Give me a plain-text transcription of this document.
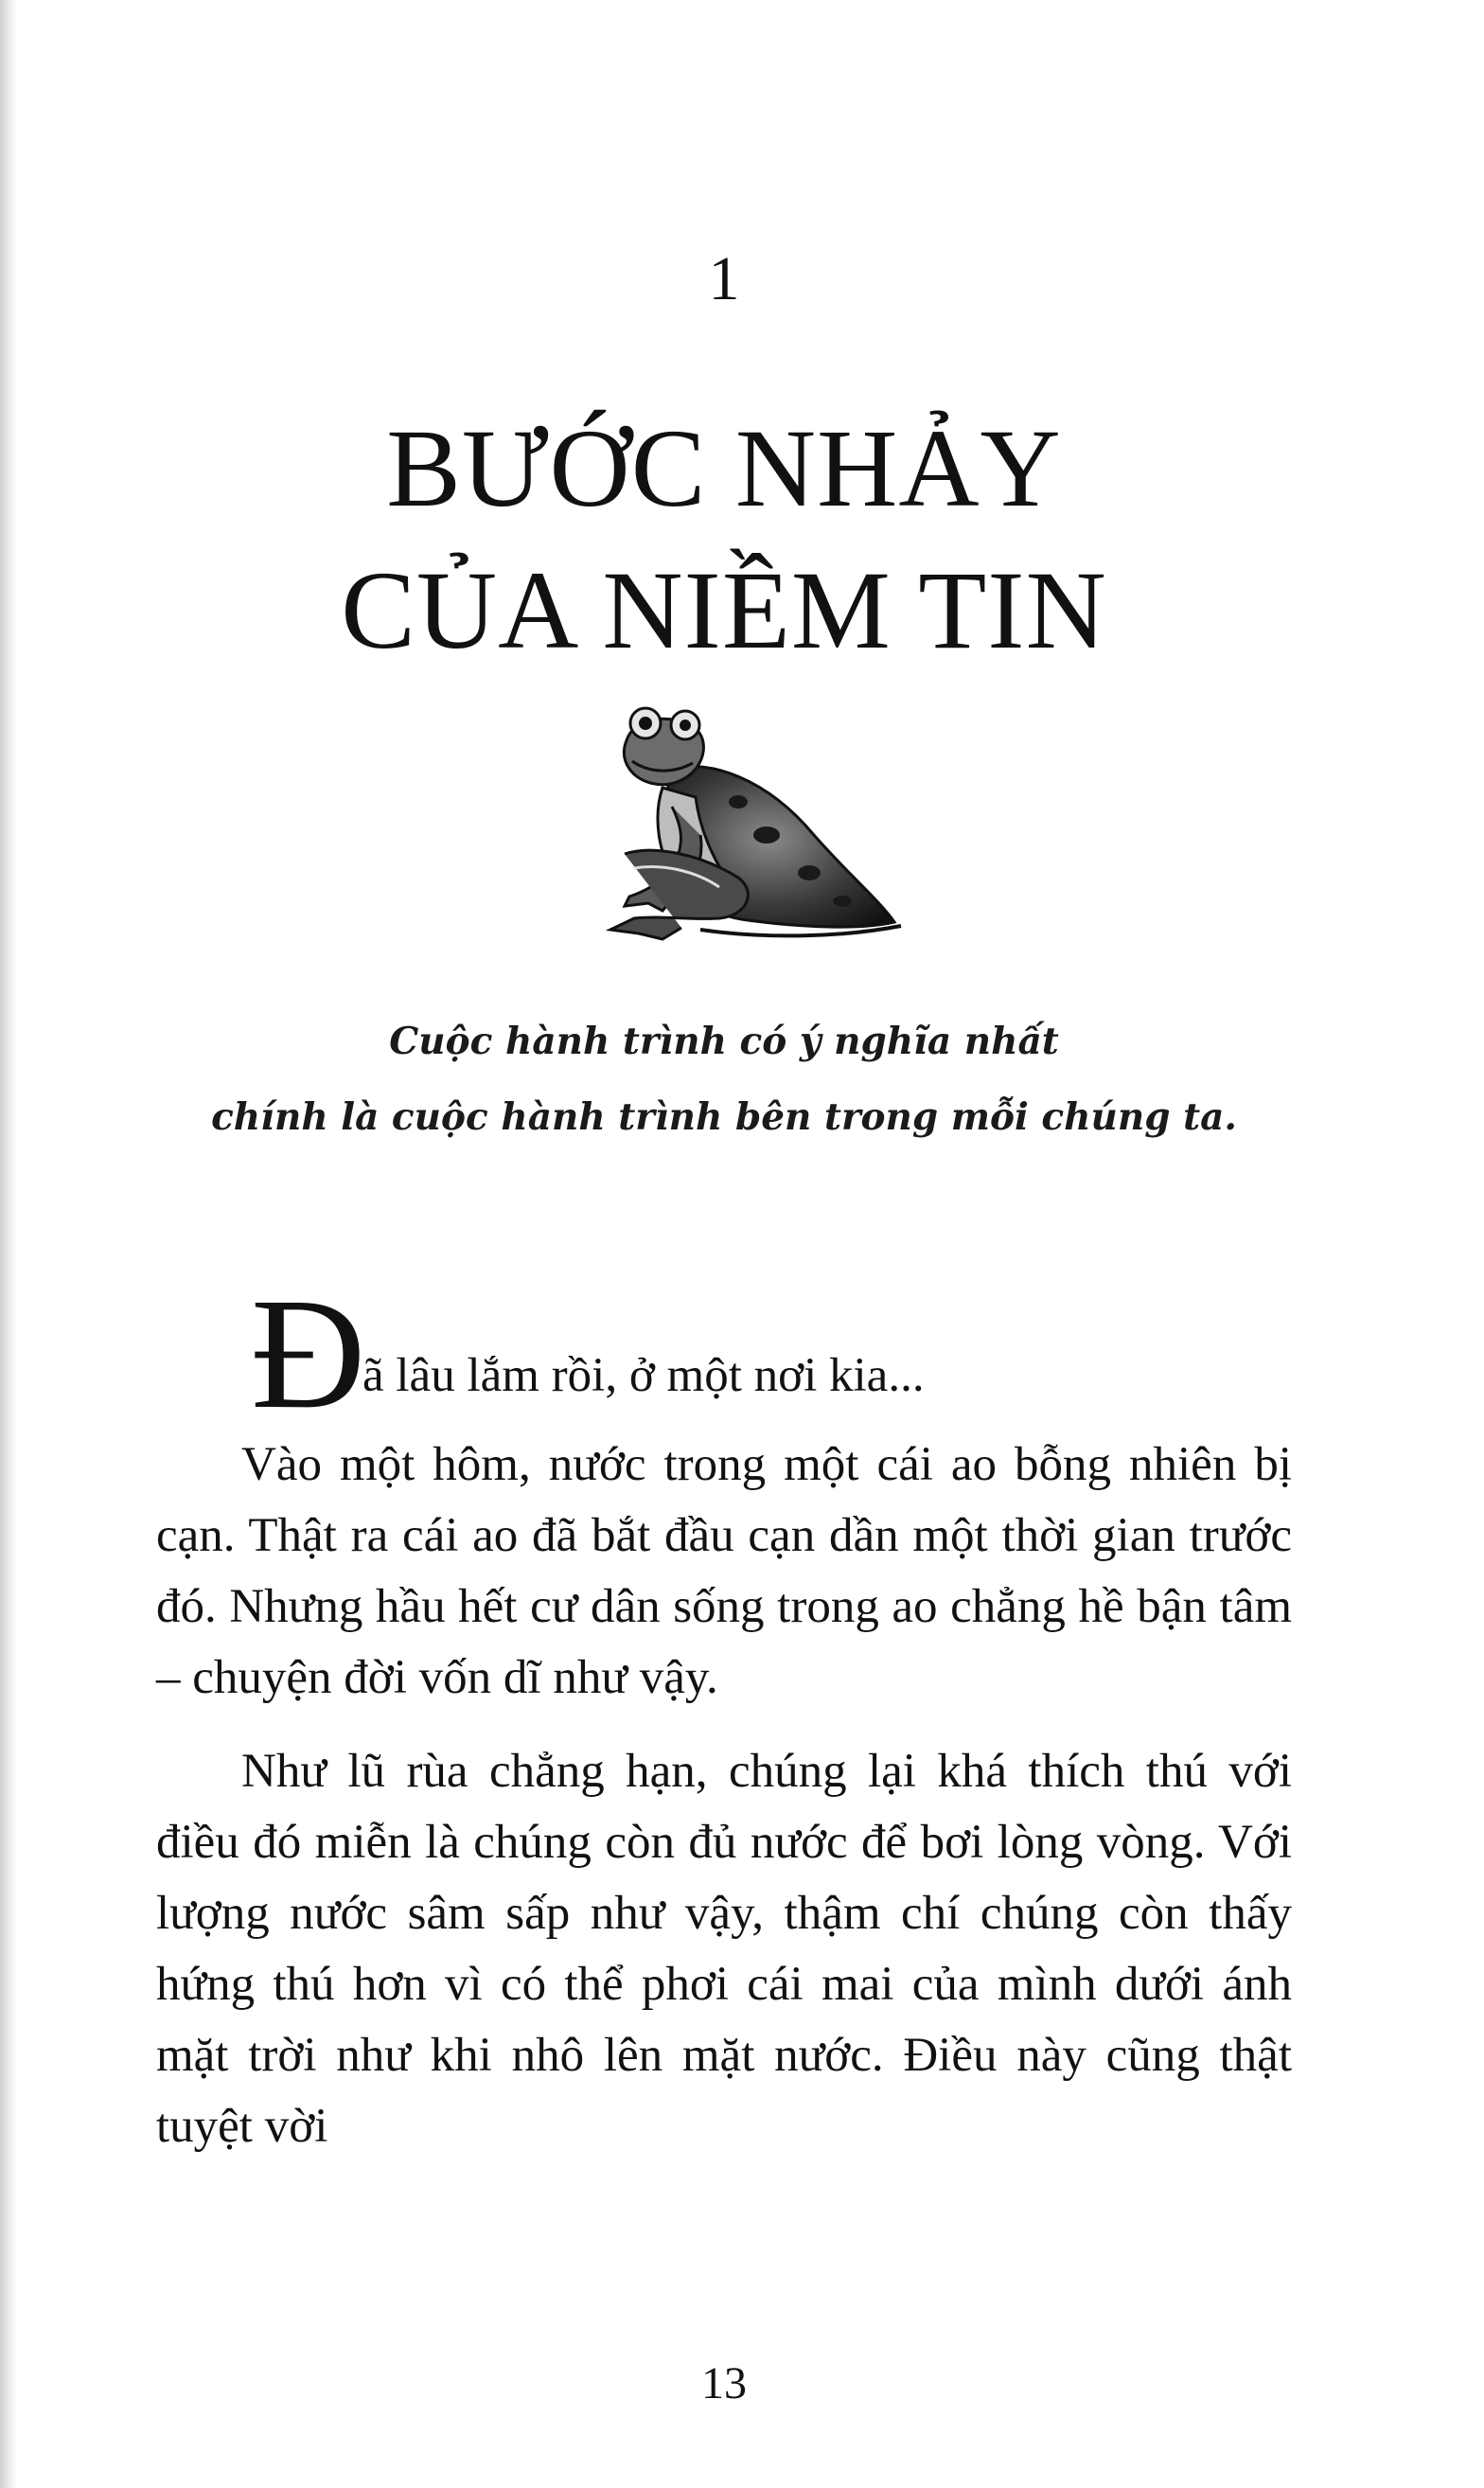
1
BƯỚC NHẢY
CỦA NIỀM TIN
Cuộc hành trình có ý nghĩa nhất
chính là cuộc hành trình bên trong mỗi chúng ta.
Đ
ã lâu lắm rồi, ở một nơi kia...

Vào một hôm, nước trong một cái ao bỗng nhiên bị cạn. Thật ra cái ao đã bắt đầu cạn dần một thời gian trước đó. Nhưng hầu hết cư dân sống trong ao chẳng hề bận tâm – chuyện đời vốn dĩ như vậy.

Như lũ rùa chẳng hạn, chúng lại khá thích thú với điều đó miễn là chúng còn đủ nước để bơi lòng vòng. Với lượng nước sâm sấp như vậy, thậm chí chúng còn thấy hứng thú hơn vì có thể phơi cái mai của mình dưới ánh mặt trời như khi nhô lên mặt nước. Điều này cũng thật tuyệt vời

13
